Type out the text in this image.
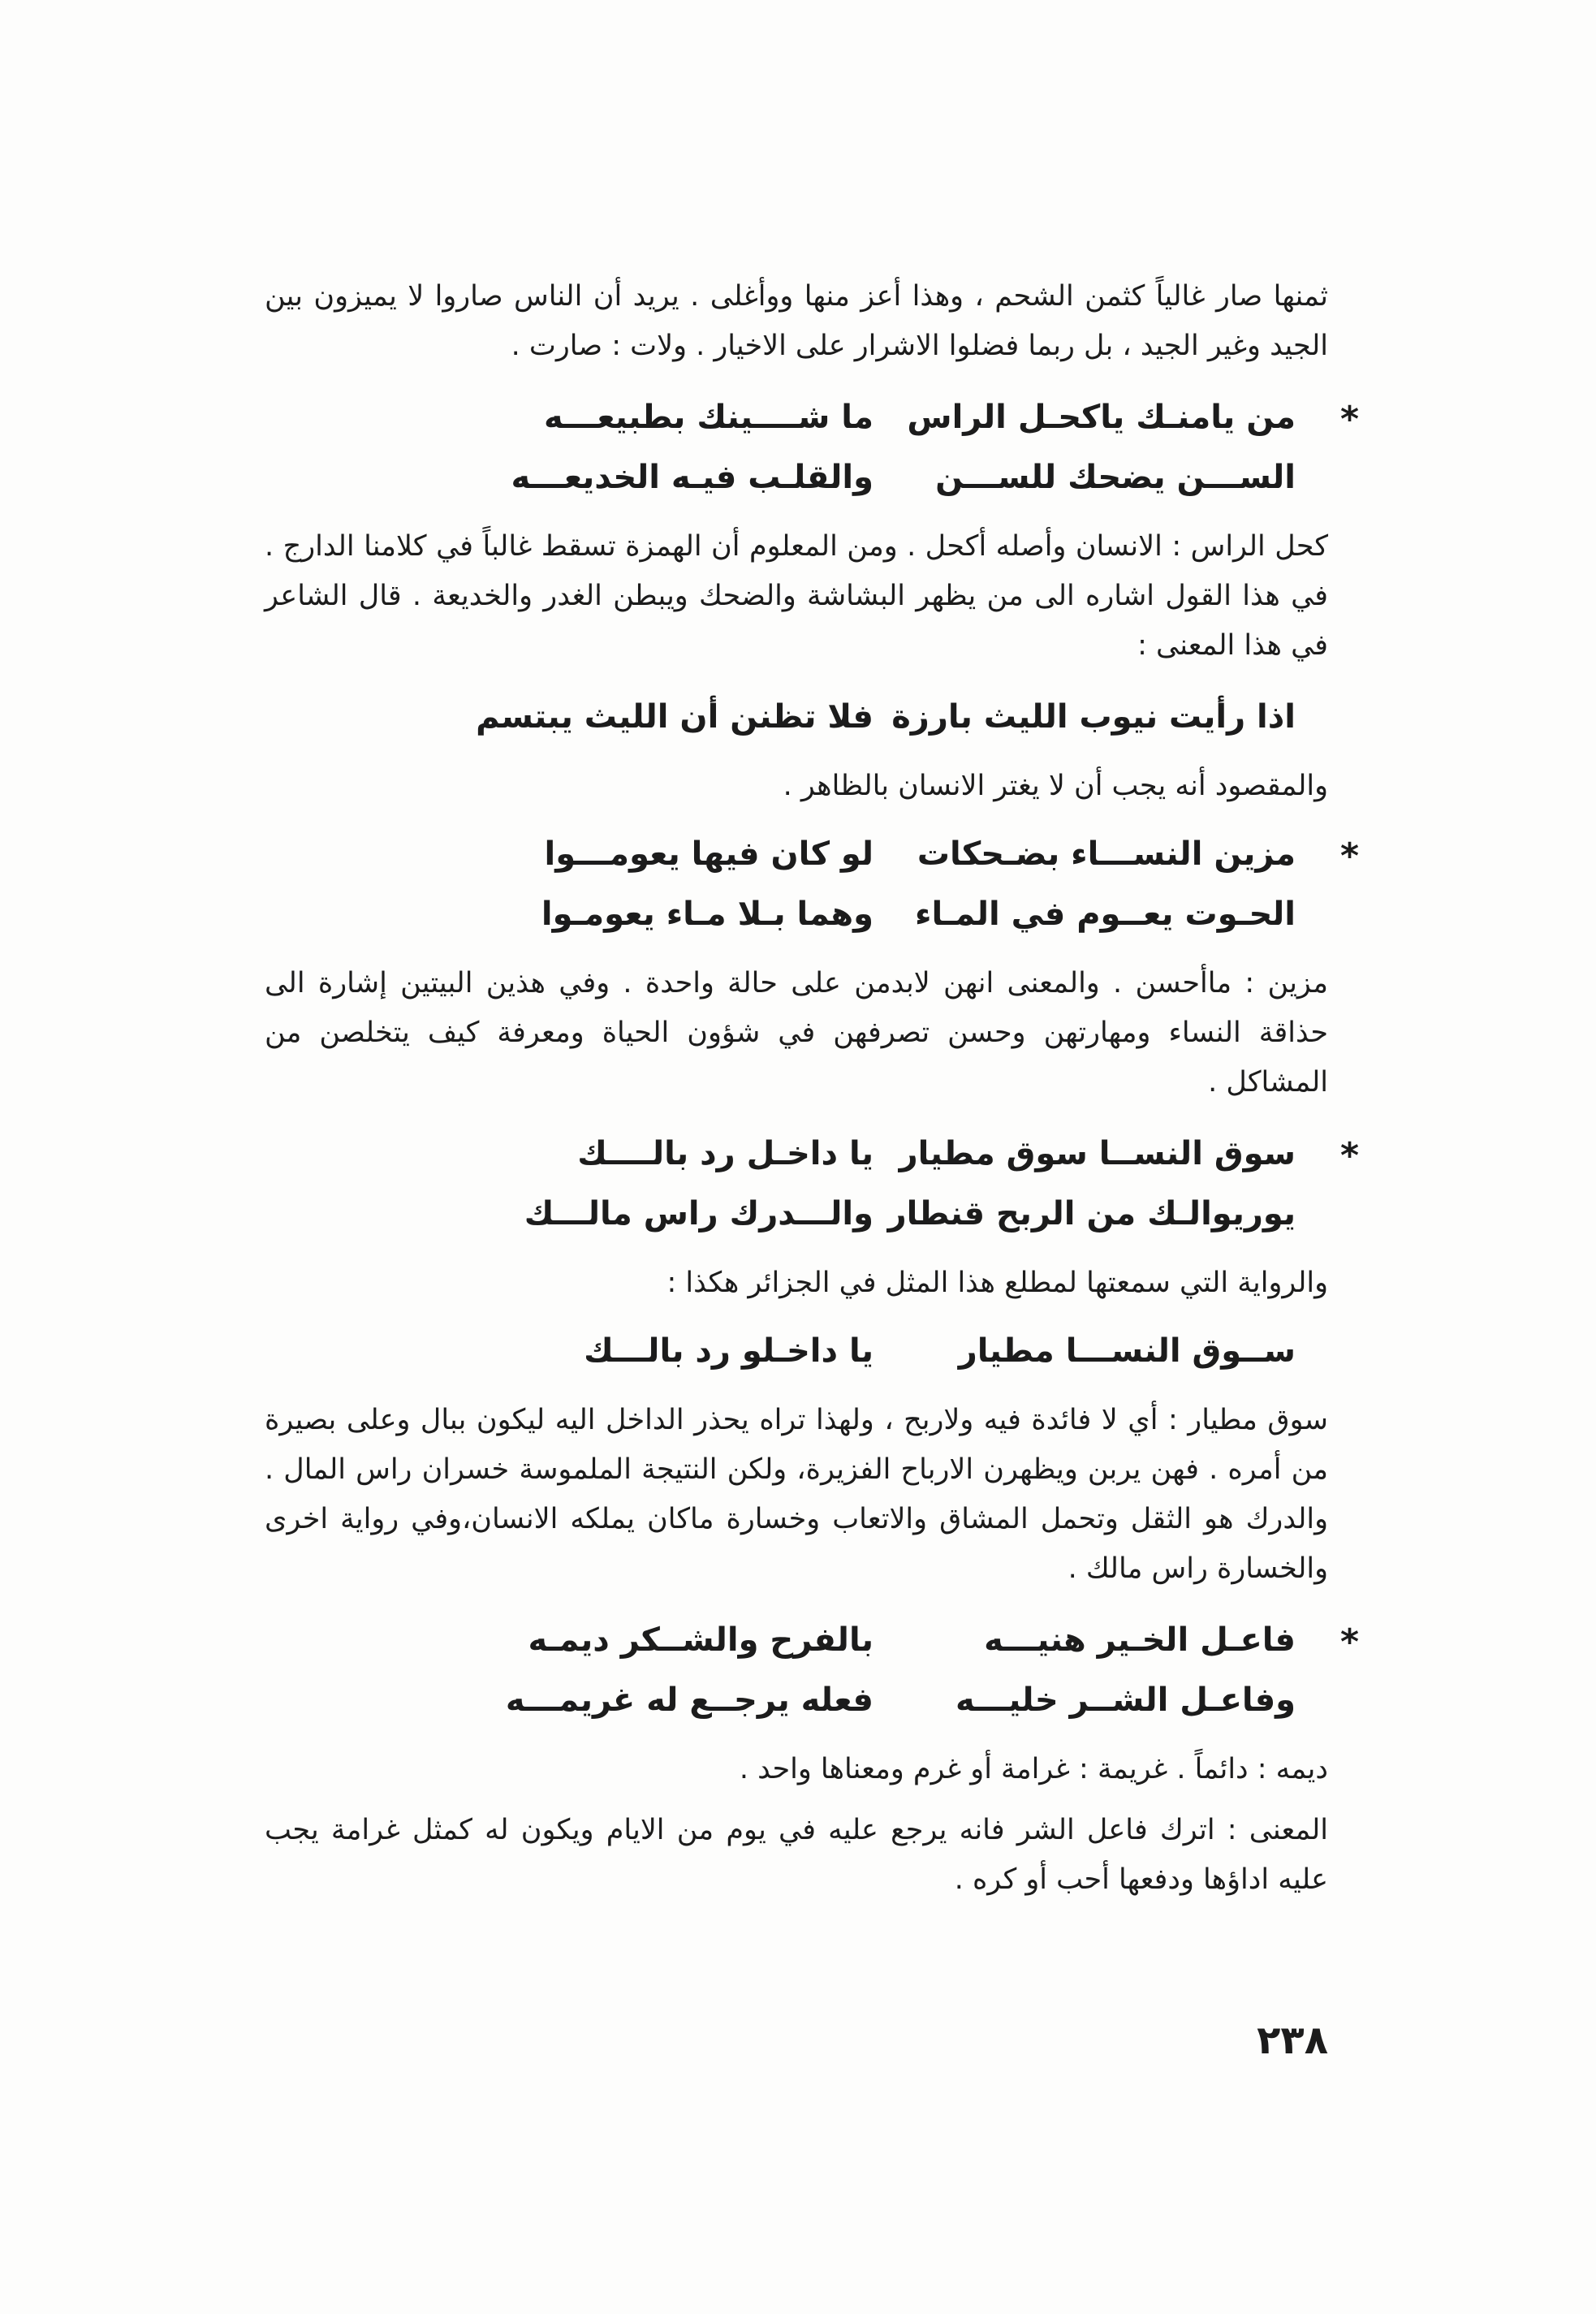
ثمنها صار غالياً كثمن الشحم ، وهذا أعز منها ووأغلى . يريد أن الناس صاروا لا يميزون بين الجيد وغير الجيد ، بل ربما فضلوا الاشرار على الاخيار . ولات : صارت .

*
من يامنـك ياكحـل الراس
ما شــــينك بطبيعـــه
الســـن يضحك للســـن
والقلـب فيـه الخديعـــه

كحل الراس : الانسان وأصله أكحل . ومن المعلوم أن الهمزة تسقط غالباً في كلامنا الدارج . في هذا القول اشاره الى من يظهر البشاشة والضحك ويبطن الغدر والخديعة . قال الشاعر في هذا المعنى :

اذا رأيت نيوب الليث بارزة
فلا تظنن أن الليث يبتسم

والمقصود أنه يجب أن لا يغتر الانسان بالظاهر .

*
مزين النســـاء بضـحكات
لو كان فيها يعومـــوا
الحـوت يعــوم في المـاء
وهما بـلا مـاء يعومـوا

مزين : ماأحسن . والمعنى انهن لابدمن على حالة واحدة . وفي هذين البيتين إشارة الى حذاقة النساء ومهارتهن وحسن تصرفهن في شؤون الحياة ومعرفة كيف يتخلصن من المشاكل .

*
سوق النســا سوق مطيار
يا داخـل رد بالــــك
يوريوالـك من الربح قنطار
والـــدرك راس مالـــك

والرواية التي سمعتها لمطلع هذا المثل في الجزائر هكذا :

ســوق النســـا مطيار
يا داخـلو رد بالـــك

سوق مطيار : أي لا فائدة فيه ولاربح ، ولهذا تراه يحذر الداخل اليه ليكون ببال وعلى بصيرة من أمره . فهن يربن ويظهرن الارباح الفزيرة، ولكن النتيجة الملموسة خسران راس المال . والدرك هو الثقل وتحمل المشاق والاتعاب وخسارة ماكان يملكه الانسان،وفي رواية اخرى والخسارة راس مالك .

*
فاعـل الخـير هنيـــه
بالفرح والشــكر ديمـه
وفاعـل الشــر خليـــه
فعله يرجــع له غريمـــه

ديمه : دائماً . غريمة : غرامة أو غرم ومعناها واحد .

المعنى : اترك فاعل الشر فانه يرجع عليه في يوم من الايام ويكون له كمثل غرامة يجب عليه اداؤها ودفعها أحب أو كره .

٢٣٨
